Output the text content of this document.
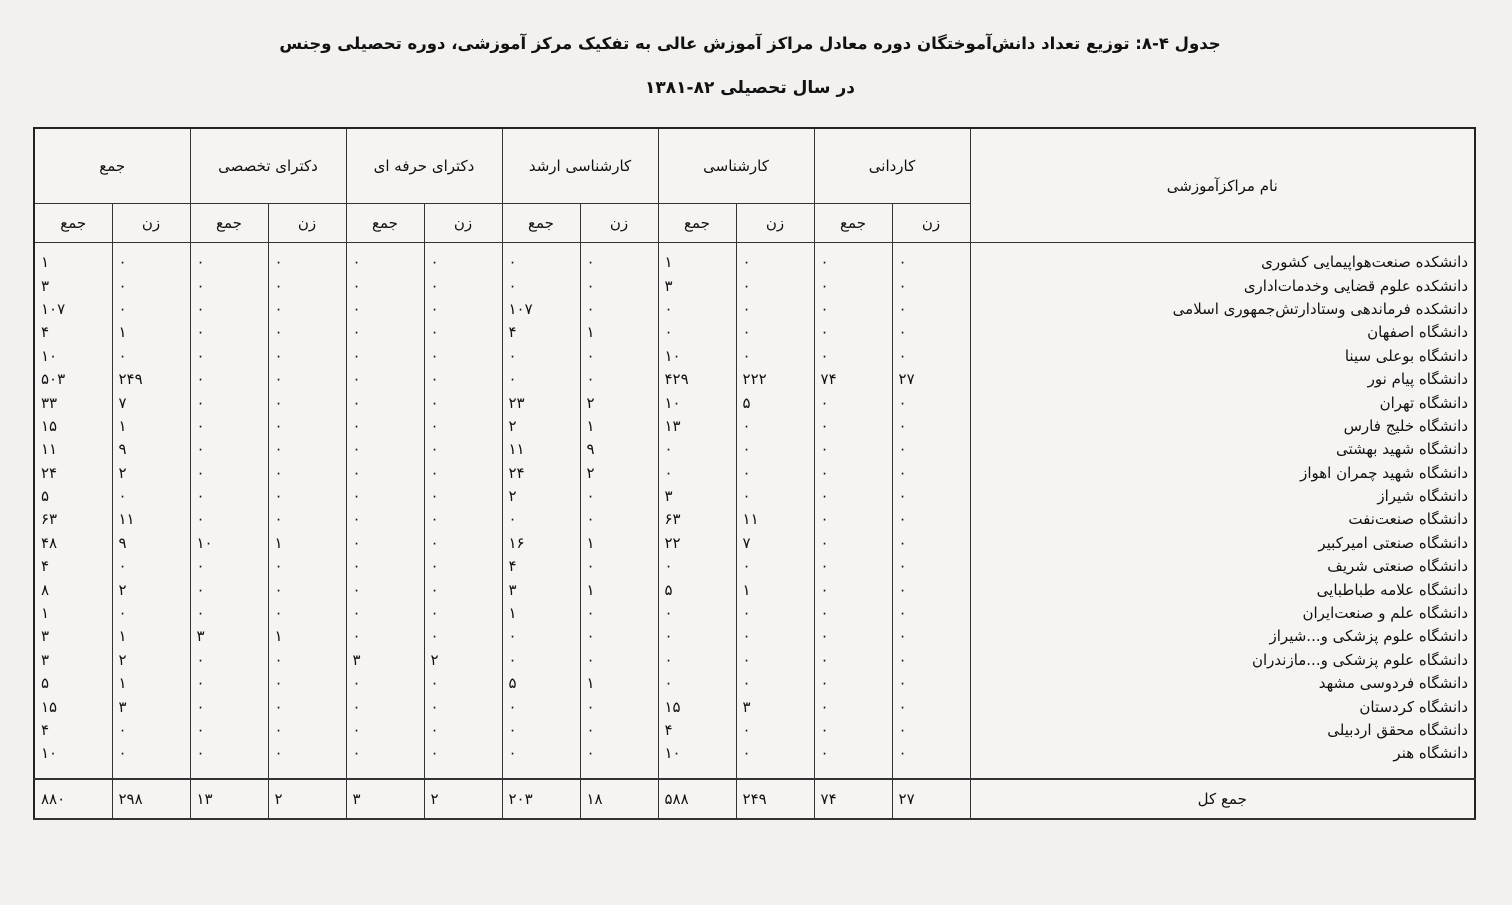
جدول ۴-۸: توزیع تعداد دانش‌آموختگان دوره معادل مراکز آموزش عالی به تفکیک مرکز آموزشی، دوره تحصیلی وجنس
در سال تحصیلی ۸۲-۱۳۸۱
نام مراکزآموزشی	کاردانی		کارشناسی		کارشناسی ارشد		دکترای حرفه ای		دکترای تخصصی		جمع	
	زن	جمع	زن	جمع	زن	جمع	زن	جمع	زن	جمع	زن	جمع

دانشکده صنعت‌هواپیمایی کشوری	۰	۰	۰	۱	۰	۰	۰	۰	۰	۰	۰	۱
دانشکده علوم قضایی وخدمات‌اداری	۰	۰	۰	۳	۰	۰	۰	۰	۰	۰	۰	۳
دانشکده فرماندهی وستادارتش‌جمهوری اسلامی	۰	۰	۰	۰	۰	۱۰۷	۰	۰	۰	۰	۰	۱۰۷
دانشگاه اصفهان	۰	۰	۰	۰	۱	۴	۰	۰	۰	۰	۱	۴
دانشگاه بوعلی سینا	۰	۰	۰	۱۰	۰	۰	۰	۰	۰	۰	۰	۱۰
دانشگاه پیام نور	۲۷	۷۴	۲۲۲	۴۲۹	۰	۰	۰	۰	۰	۰	۲۴۹	۵۰۳
دانشگاه تهران	۰	۰	۵	۱۰	۲	۲۳	۰	۰	۰	۰	۷	۳۳
دانشگاه خلیج فارس	۰	۰	۰	۱۳	۱	۲	۰	۰	۰	۰	۱	۱۵
دانشگاه شهید بهشتی	۰	۰	۰	۰	۹	۱۱	۰	۰	۰	۰	۹	۱۱
دانشگاه شهید چمران اهواز	۰	۰	۰	۰	۲	۲۴	۰	۰	۰	۰	۲	۲۴
دانشگاه شیراز	۰	۰	۰	۳	۰	۲	۰	۰	۰	۰	۰	۵
دانشگاه صنعت‌نفت	۰	۰	۱۱	۶۳	۰	۰	۰	۰	۰	۰	۱۱	۶۳
دانشگاه صنعتی امیرکبیر	۰	۰	۷	۲۲	۱	۱۶	۰	۰	۱	۱۰	۹	۴۸
دانشگاه صنعتی شریف	۰	۰	۰	۰	۰	۴	۰	۰	۰	۰	۰	۴
دانشگاه علامه طباطبایی	۰	۰	۱	۵	۱	۳	۰	۰	۰	۰	۲	۸
دانشگاه علم و صنعت‌ایران	۰	۰	۰	۰	۰	۱	۰	۰	۰	۰	۰	۱
دانشگاه علوم پزشکی و...شیراز	۰	۰	۰	۰	۰	۰	۰	۰	۱	۳	۱	۳
دانشگاه علوم پزشکی و...مازندران	۰	۰	۰	۰	۰	۰	۲	۳	۰	۰	۲	۳
دانشگاه فردوسی مشهد	۰	۰	۰	۰	۱	۵	۰	۰	۰	۰	۱	۵
دانشگاه کردستان	۰	۰	۳	۱۵	۰	۰	۰	۰	۰	۰	۳	۱۵
دانشگاه محقق اردبیلی	۰	۰	۰	۴	۰	۰	۰	۰	۰	۰	۰	۴
دانشگاه هنر	۰	۰	۰	۱۰	۰	۰	۰	۰	۰	۰	۰	۱۰

جمع کل	۲۷	۷۴	۲۴۹	۵۸۸	۱۸	۲۰۳	۲	۳	۲	۱۳	۲۹۸	۸۸۰
